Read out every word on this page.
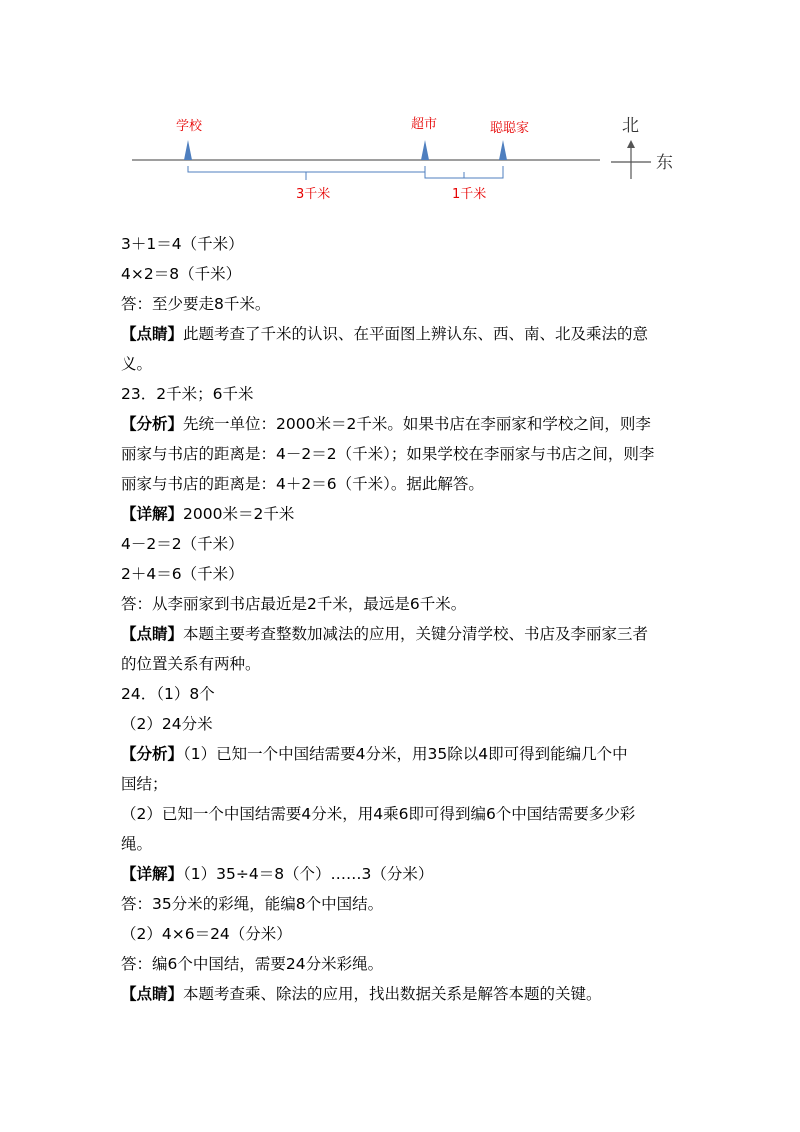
学校	超市	聪聪家
3千米	1千米
北
东
3＋1＝4（千米）
4×2＝8（千米）
答：至少要走8千米。
【点睛】此题考查了千米的认识、在平面图上辨认东、西、南、北及乘法的意
义。
23．2千米；6千米
【分析】先统一单位：2000米＝2千米。如果书店在李丽家和学校之间，则李
丽家与书店的距离是：4－2＝2（千米）；如果学校在李丽家与书店之间，则李
丽家与书店的距离是：4＋2＝6（千米）。据此解答。
【详解】2000米＝2千米
4－2＝2（千米）
2＋4＝6（千米）
答：从李丽家到书店最近是2千米，最远是6千米。
【点睛】本题主要考查整数加减法的应用，关键分清学校、书店及李丽家三者
的位置关系有两种。
24．（1）8个
（2）24分米
【分析】（1）已知一个中国结需要4分米，用35除以4即可得到能编几个中
国结；
（2）已知一个中国结需要4分米，用4乘6即可得到编6个中国结需要多少彩
绳。
【详解】（1）35÷4＝8（个）……3（分米）
答：35分米的彩绳，能编8个中国结。
（2）4×6＝24（分米）
答：编6个中国结，需要24分米彩绳。
【点睛】本题考查乘、除法的应用，找出数据关系是解答本题的关键。
